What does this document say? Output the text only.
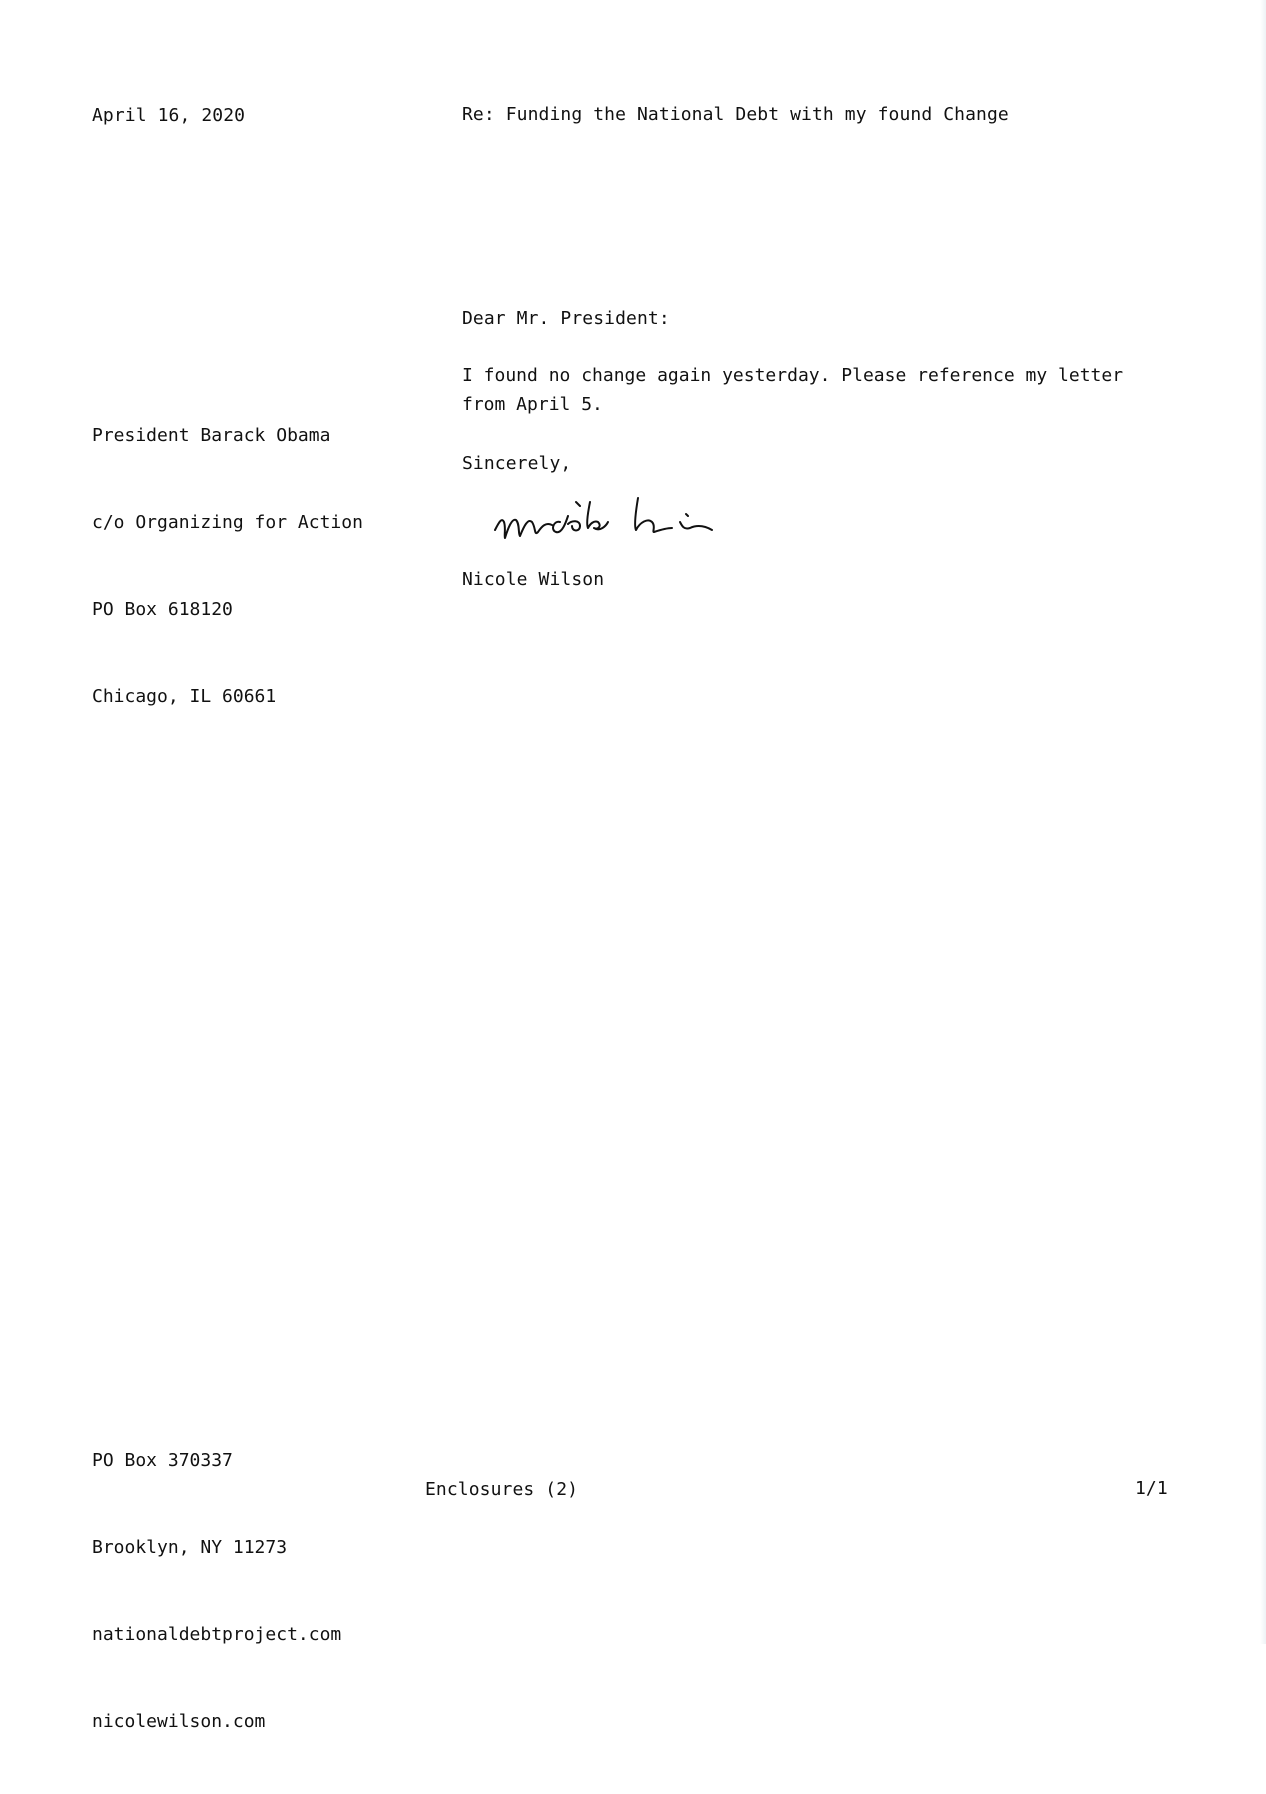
April 16, 2020	Re: Funding the National Debt with my found Change
Dear Mr. President:

President Barack Obama

c/o Organizing for Action

PO Box 618120

Chicago, IL 60661

I found no change again yesterday. Please reference my letter from April 5.
Sincerely,
Nicole Wilson

PO Box 370337

Brooklyn, NY 11273

nationaldebtproject.com

nicolewilson.com

Enclosures (2)	1/1
